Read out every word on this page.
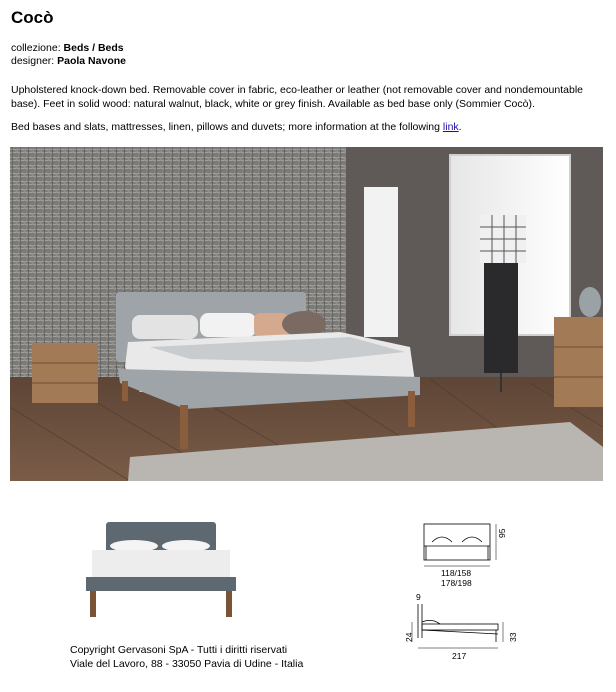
Cocò
collezione: Beds / Beds
designer: Paola Navone
Upholstered knock-down bed. Removable cover in fabric, eco-leather or leather (not removable cover and nondemountable base). Feet in solid wood: natural walnut, black, white or grey finish. Available as bed base only (Sommier Cocò).
Bed bases and slats, mattresses, linen, pillows and duvets; more information at the following link.
95
118/158
178/198
9
24	33
217
Copyright Gervasoni SpA - Tutti i diritti riservati
Viale del Lavoro, 88 - 33050 Pavia di Udine - Italia
